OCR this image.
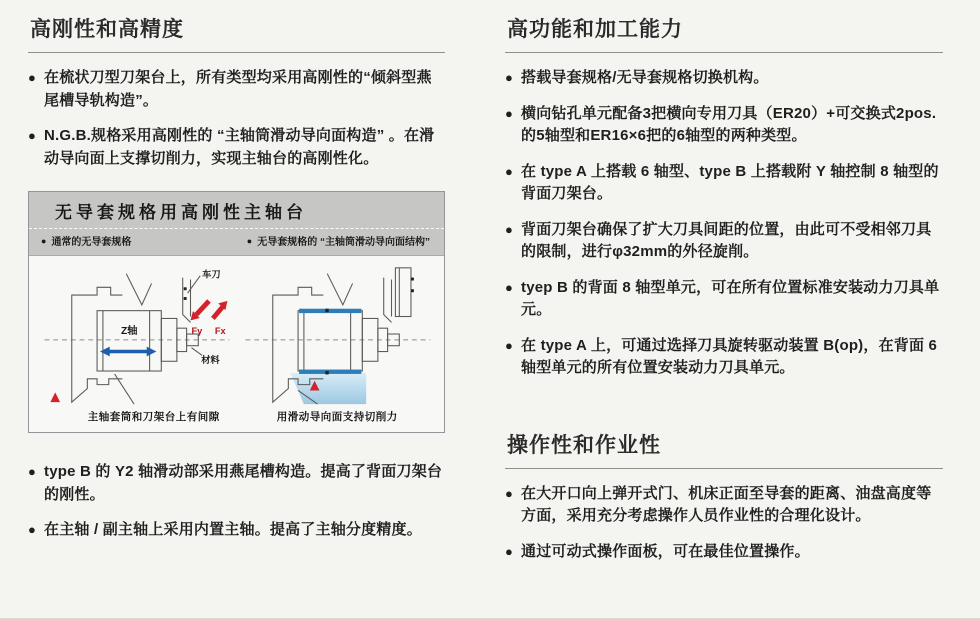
高刚性和高精度
● 在梳状刀型刀架台上，所有类型均采用高刚性的“倾斜型燕尾槽导轨构造”。
● N.G.B.规格采用高刚性的 “主轴筒滑动导向面构造” 。在滑动导向面上支撑切削力，实现主轴台的高刚性化。
无导套规格用高刚性主轴台
● 通常的无导套规格	● 无导套规格的 “主轴筒滑动导向面结构”
车刀
Z轴	Fy Fx
材料
主轴套筒和刀架台上有间隙	用滑动导向面支持切削力
● type B 的 Y2 轴滑动部采用燕尾槽构造。提高了背面刀架台的刚性。
● 在主轴 / 副主轴上采用内置主轴。提高了主轴分度精度。
高功能和加工能力
● 搭载导套规格/无导套规格切换机构。
● 横向钻孔单元配备3把横向专用刀具（ER20）+可交换式2pos.的5轴型和ER16×6把的6轴型的两种类型。
● 在 type A 上搭载 6 轴型、type B 上搭载附 Y 轴控制 8 轴型的背面刀架台。
● 背面刀架台确保了扩大刀具间距的位置，由此可不受相邻刀具的限制，进行φ32mm的外径旋削。
● tyep B 的背面 8 轴型单元，可在所有位置标准安装动力刀具单元。
● 在 type A 上，可通过选择刀具旋转驱动装置 B(op)，在背面 6 轴型单元的所有位置安装动力刀具单元。
操作性和作业性
● 在大开口向上弹开式门、机床正面至导套的距离、油盘高度等方面，采用充分考虑操作人员作业性的合理化设计。
● 通过可动式操作面板，可在最佳位置操作。
